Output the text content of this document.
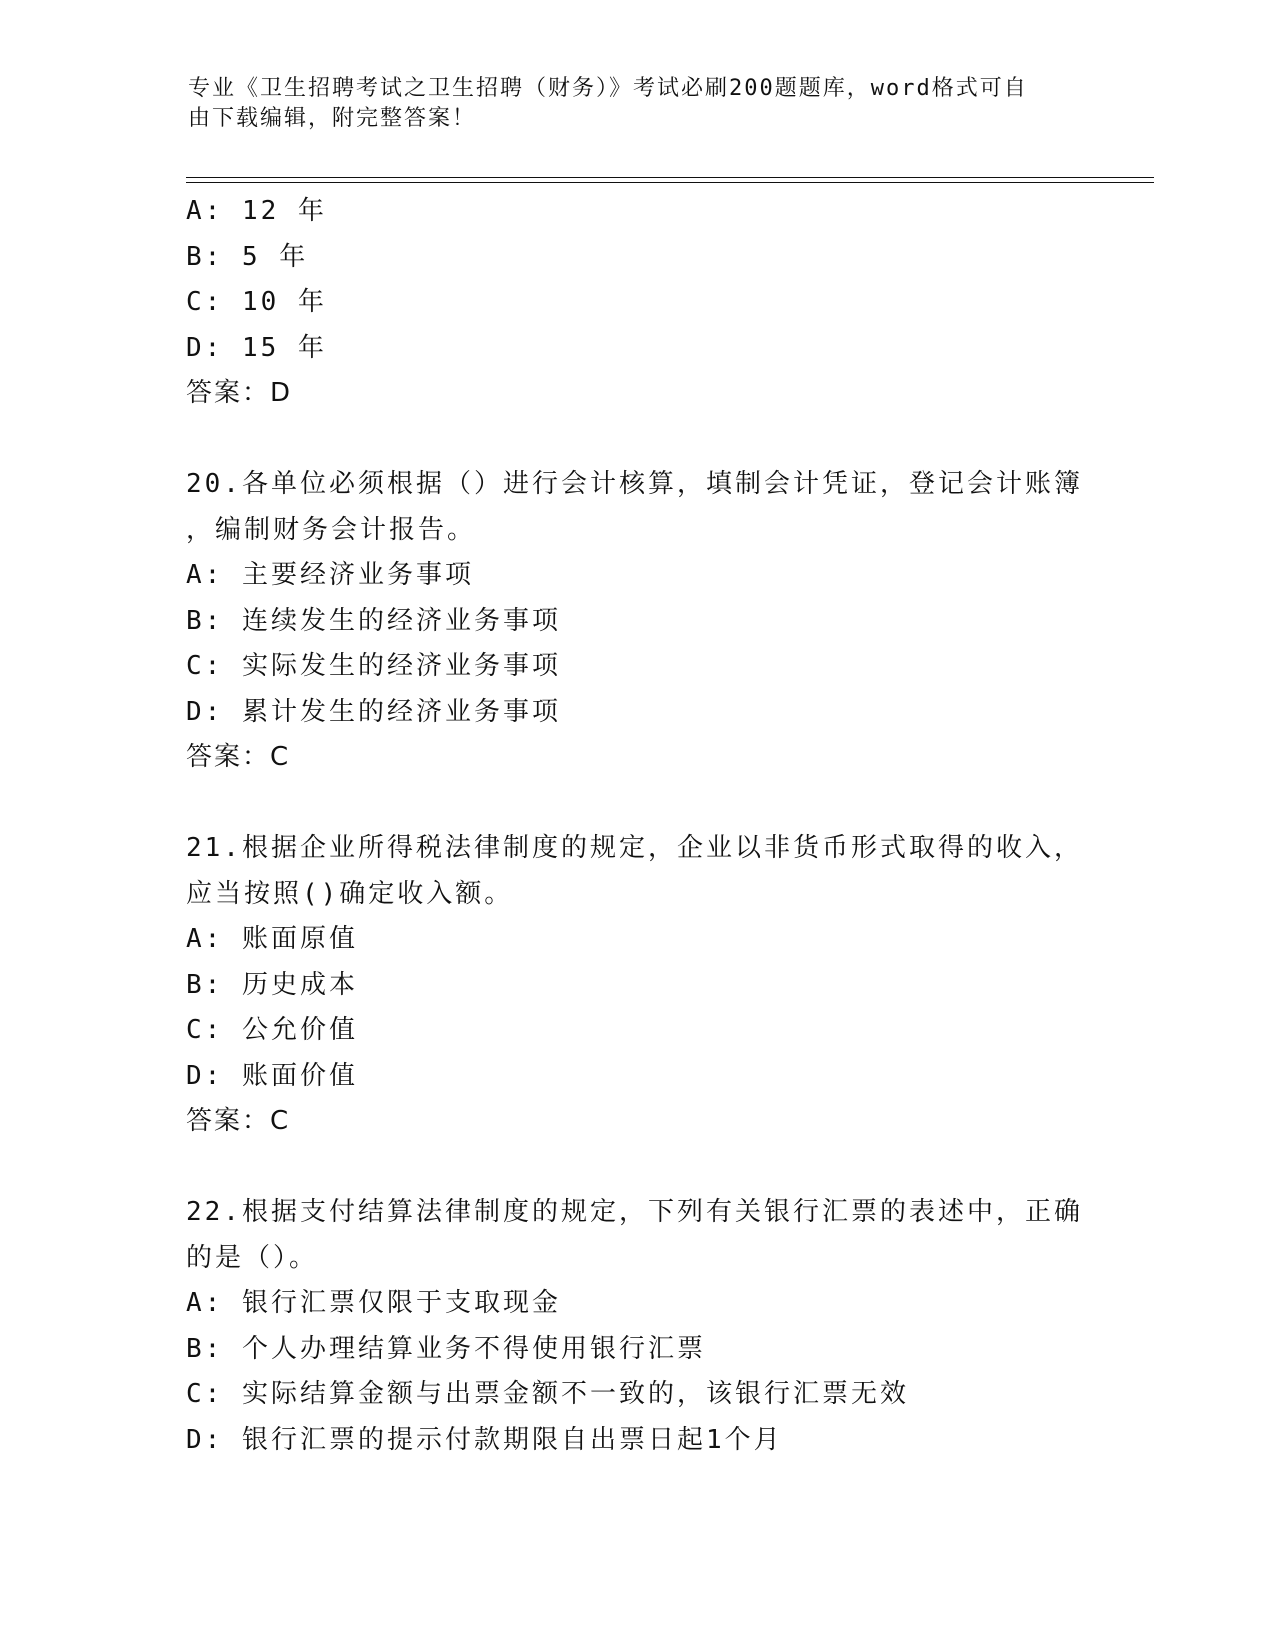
专业《卫生招聘考试之卫生招聘（财务）》考试必刷200题题库，word格式可自
由下载编辑，附完整答案！

A: 12 年

B: 5 年

C: 10 年

D: 15 年

答案：D

20.各单位必须根据（）进行会计核算，填制会计凭证，登记会计账簿

，编制财务会计报告。

A: 主要经济业务事项

B: 连续发生的经济业务事项

C: 实际发生的经济业务事项

D: 累计发生的经济业务事项

答案：C

21.根据企业所得税法律制度的规定，企业以非货币形式取得的收入，

应当按照()确定收入额。

A: 账面原值

B: 历史成本

C: 公允价值

D: 账面价值

答案：C

22.根据支付结算法律制度的规定，下列有关银行汇票的表述中，正确

的是（）。

A: 银行汇票仅限于支取现金

B: 个人办理结算业务不得使用银行汇票

C: 实际结算金额与出票金额不一致的，该银行汇票无效

D: 银行汇票的提示付款期限自出票日起1个月
